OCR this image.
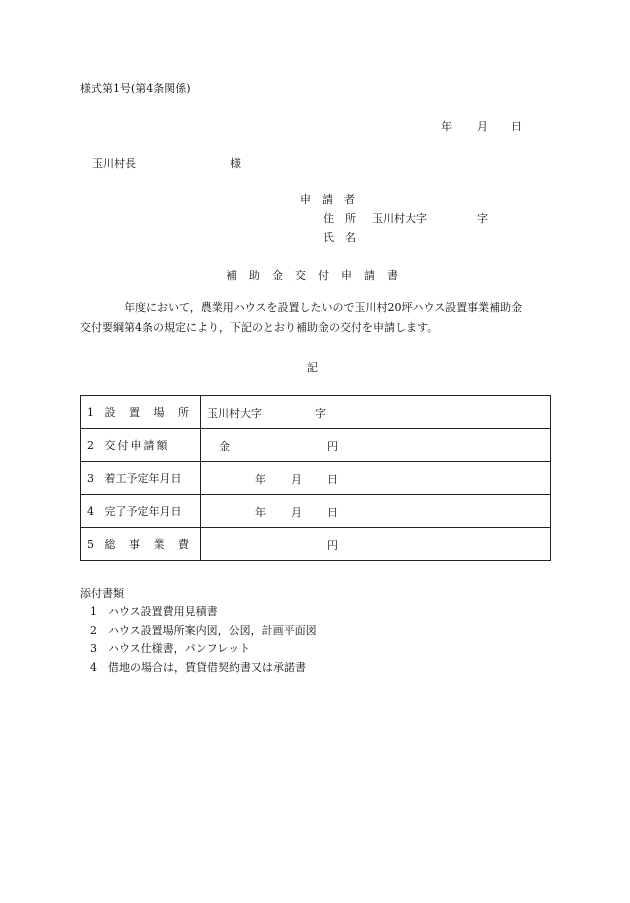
様式第1号(第4条関係)
年 月 日
玉川村長	様
申　請　者
住　所 玉川村大字	字
氏　名
補助金交付申請書
年度において，農業用ハウスを設置したいので玉川村20坪ハウス設置事業補助金
交付要綱第4条の規定により，下記のとおり補助金の交付を申請します。
記
1 設 置 場 所	玉川村大字 字

2 交付申請額	金 円

3 着工予定年月日	年 月 日

4 完了予定年月日	年 月 日

5 総 事 業 費	円
添付書類
1 ハウス設置費用見積書
2 ハウス設置場所案内図，公図，計画平面図
3 ハウス仕様書，パンフレット
4 借地の場合は，賃貸借契約書又は承諾書
